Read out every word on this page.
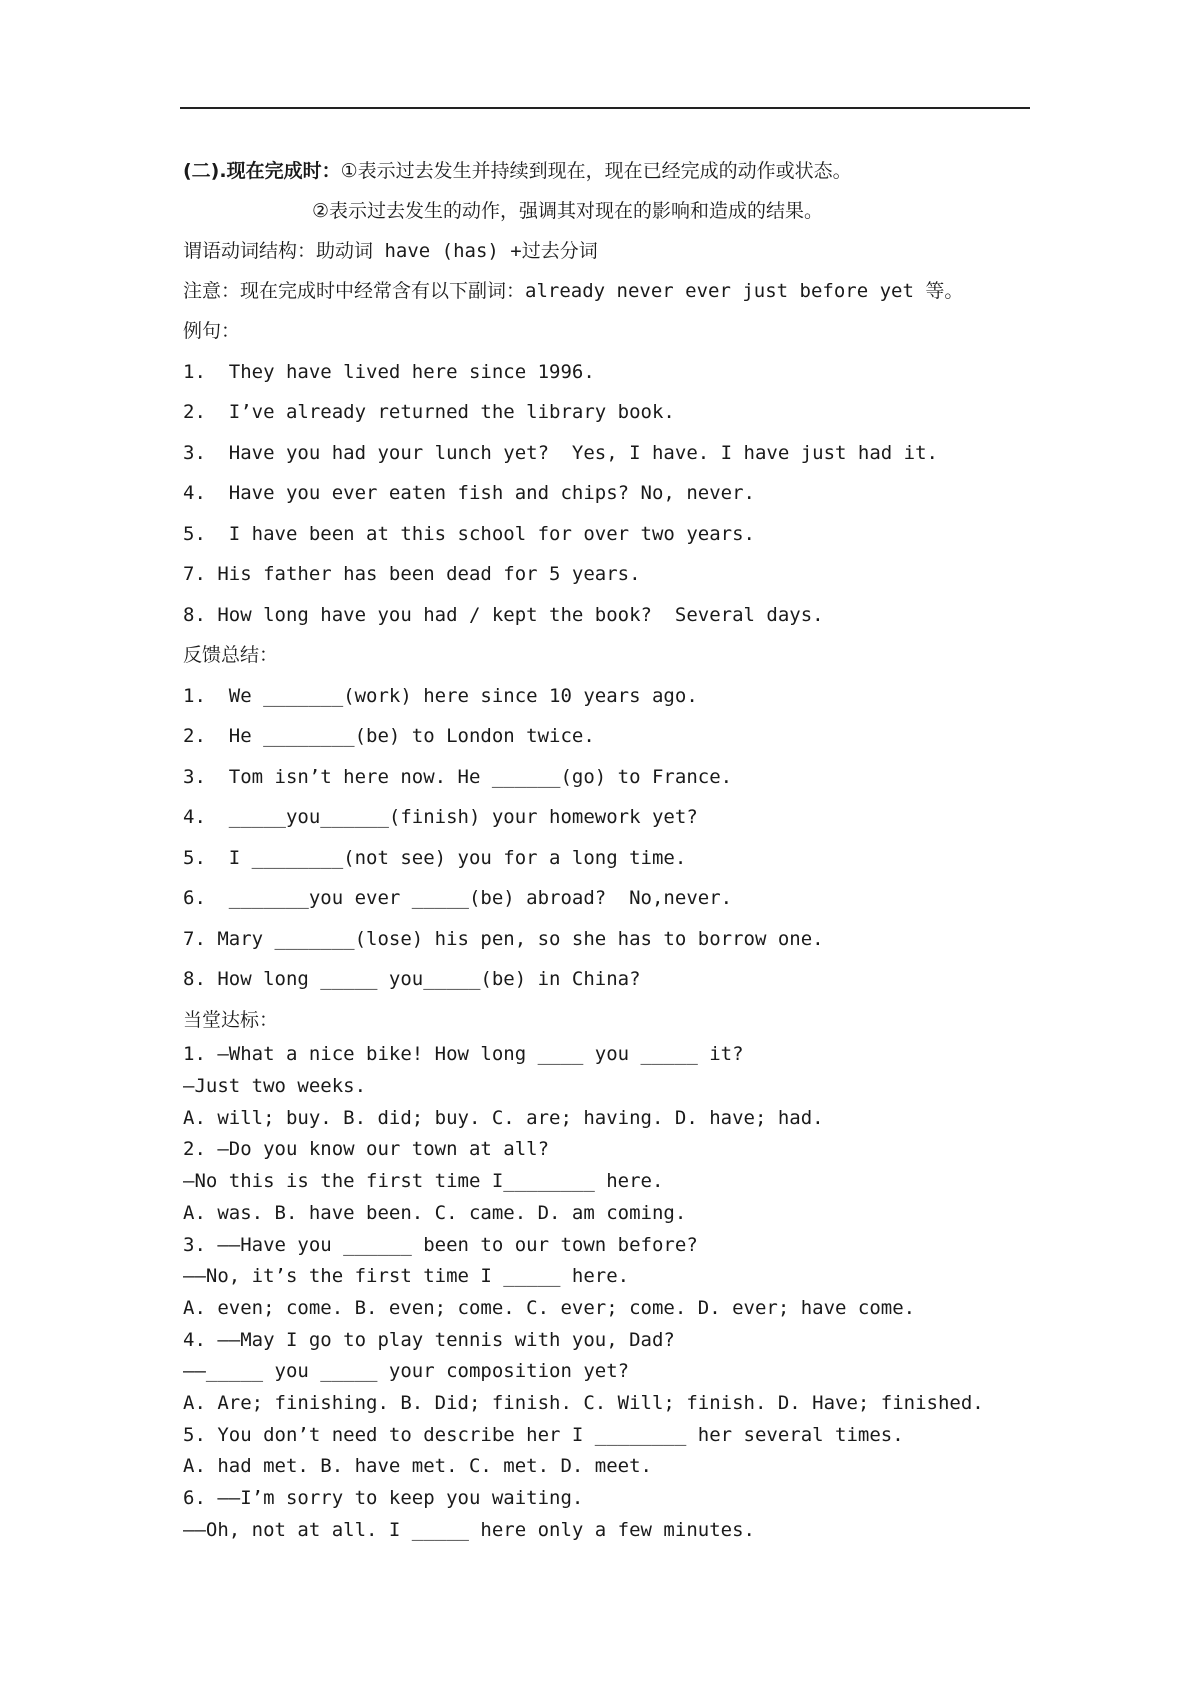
(二).现在完成时：①表示过去发生并持续到现在，现在已经完成的动作或状态。
②表示过去发生的动作，强调其对现在的影响和造成的结果。
谓语动词结构：助动词 have (has) +过去分词
注意：现在完成时中经常含有以下副词：already never ever just before yet 等。
例句：
1.  They have lived here since 1996.
2.  I’ve already returned the library book.
3.  Have you had your lunch yet?  Yes, I have. I have just had it.
4.  Have you ever eaten fish and chips? No, never.
5.  I have been at this school for over two years.
7. His father has been dead for 5 years.
8. How long have you had / kept the book?  Several days.
反馈总结：
1.  We _______(work) here since 10 years ago.
2.  He ________(be) to London twice.
3.  Tom isn’t here now. He ______(go) to France.
4.  _____you______(finish) your homework yet?
5.  I ________(not see) you for a long time.
6.  _______you ever _____(be) abroad?  No,never.
7. Mary _______(lose) his pen, so she has to borrow one.
8. How long _____ you_____(be) in China?
当堂达标：
1. —What a nice bike! How long ____ you _____ it?
—Just two weeks.
A. will; buy. B. did; buy. C. are; having. D. have; had.
2. —Do you know our town at all?
—No this is the first time I________ here.
A. was. B. have been. C. came. D. am coming.
3. ——Have you ______ been to our town before?
——No, it’s the first time I _____ here.
A. even; come. B. even; come. C. ever; come. D. ever; have come.
4. ——May I go to play tennis with you, Dad?
——_____ you _____ your composition yet?
A. Are; finishing. B. Did; finish. C. Will; finish. D. Have; finished.
5. You don’t need to describe her I ________ her several times.
A. had met. B. have met. C. met. D. meet.
6. ——I’m sorry to keep you waiting.
——Oh, not at all. I _____ here only a few minutes.
